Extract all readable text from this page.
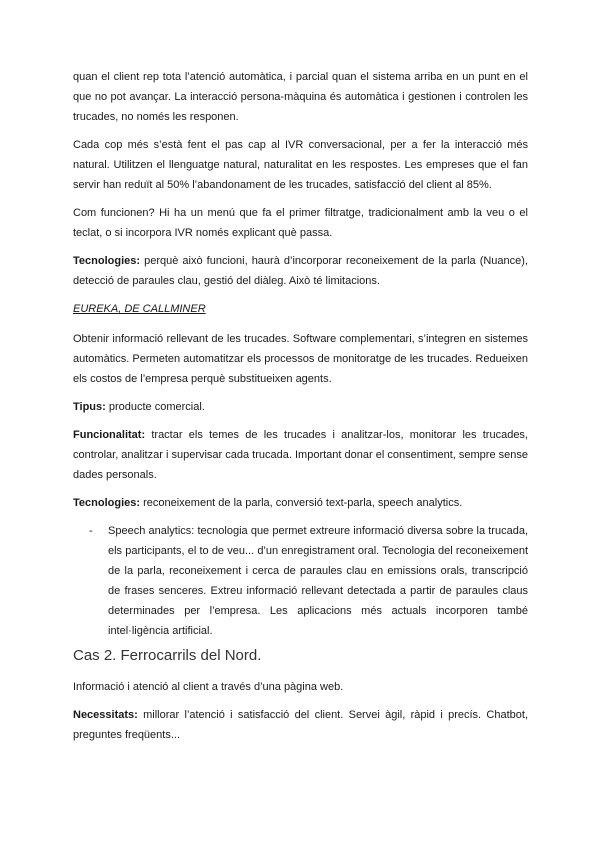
quan el client rep tota l’atenció automàtica, i parcial quan el sistema arriba en un punt en el que no pot avançar. La interacció persona-màquina és automàtica i gestionen i controlen les trucades, no només les responen.

Cada cop més s’està fent el pas cap al IVR conversacional, per a fer la interacció més natural. Utilitzen el llenguatge natural, naturalitat en les respostes. Les empreses que el fan servir han reduït al 50% l’abandonament de les trucades, satisfacció del client al 85%.

Com funcionen? Hi ha un menú que fa el primer filtratge, tradicionalment amb la veu o el teclat, o si incorpora IVR només explicant què passa.

Tecnologies: perquè això funcioni, haurà d’incorporar reconeixement de la parla (Nuance), detecció de paraules clau, gestió del diàleg. Això té limitacions.

EUREKA, DE CALLMINER

Obtenir informació rellevant de les trucades. Software complementari, s’integren en sistemes automàtics. Permeten automatitzar els processos de monitoratge de les trucades. Redueixen els costos de l’empresa perquè substitueixen agents.

Tipus: producte comercial.

Funcionalitat: tractar els temes de les trucades i analitzar-los, monitorar les trucades, controlar, analitzar i supervisar cada trucada. Important donar el consentiment, sempre sense dades personals.

Tecnologies: reconeixement de la parla, conversió text-parla, speech analytics.

- Speech analytics: tecnologia que permet extreure informació diversa sobre la trucada, els participants, el to de veu... d’un enregistrament oral. Tecnologia del reconeixement de la parla, reconeixement i cerca de paraules clau en emissions orals, transcripció de frases senceres. Extreu informació rellevant detectada a partir de paraules claus determinades per l’empresa. Les aplicacions més actuals incorporen també intel·ligència artificial.

Cas 2. Ferrocarrils del Nord.

Informació i atenció al client a través d’una pàgina web.

Necessitats: millorar l’atenció i satisfacció del client. Servei àgil, ràpid i precís. Chatbot, preguntes freqüents...
